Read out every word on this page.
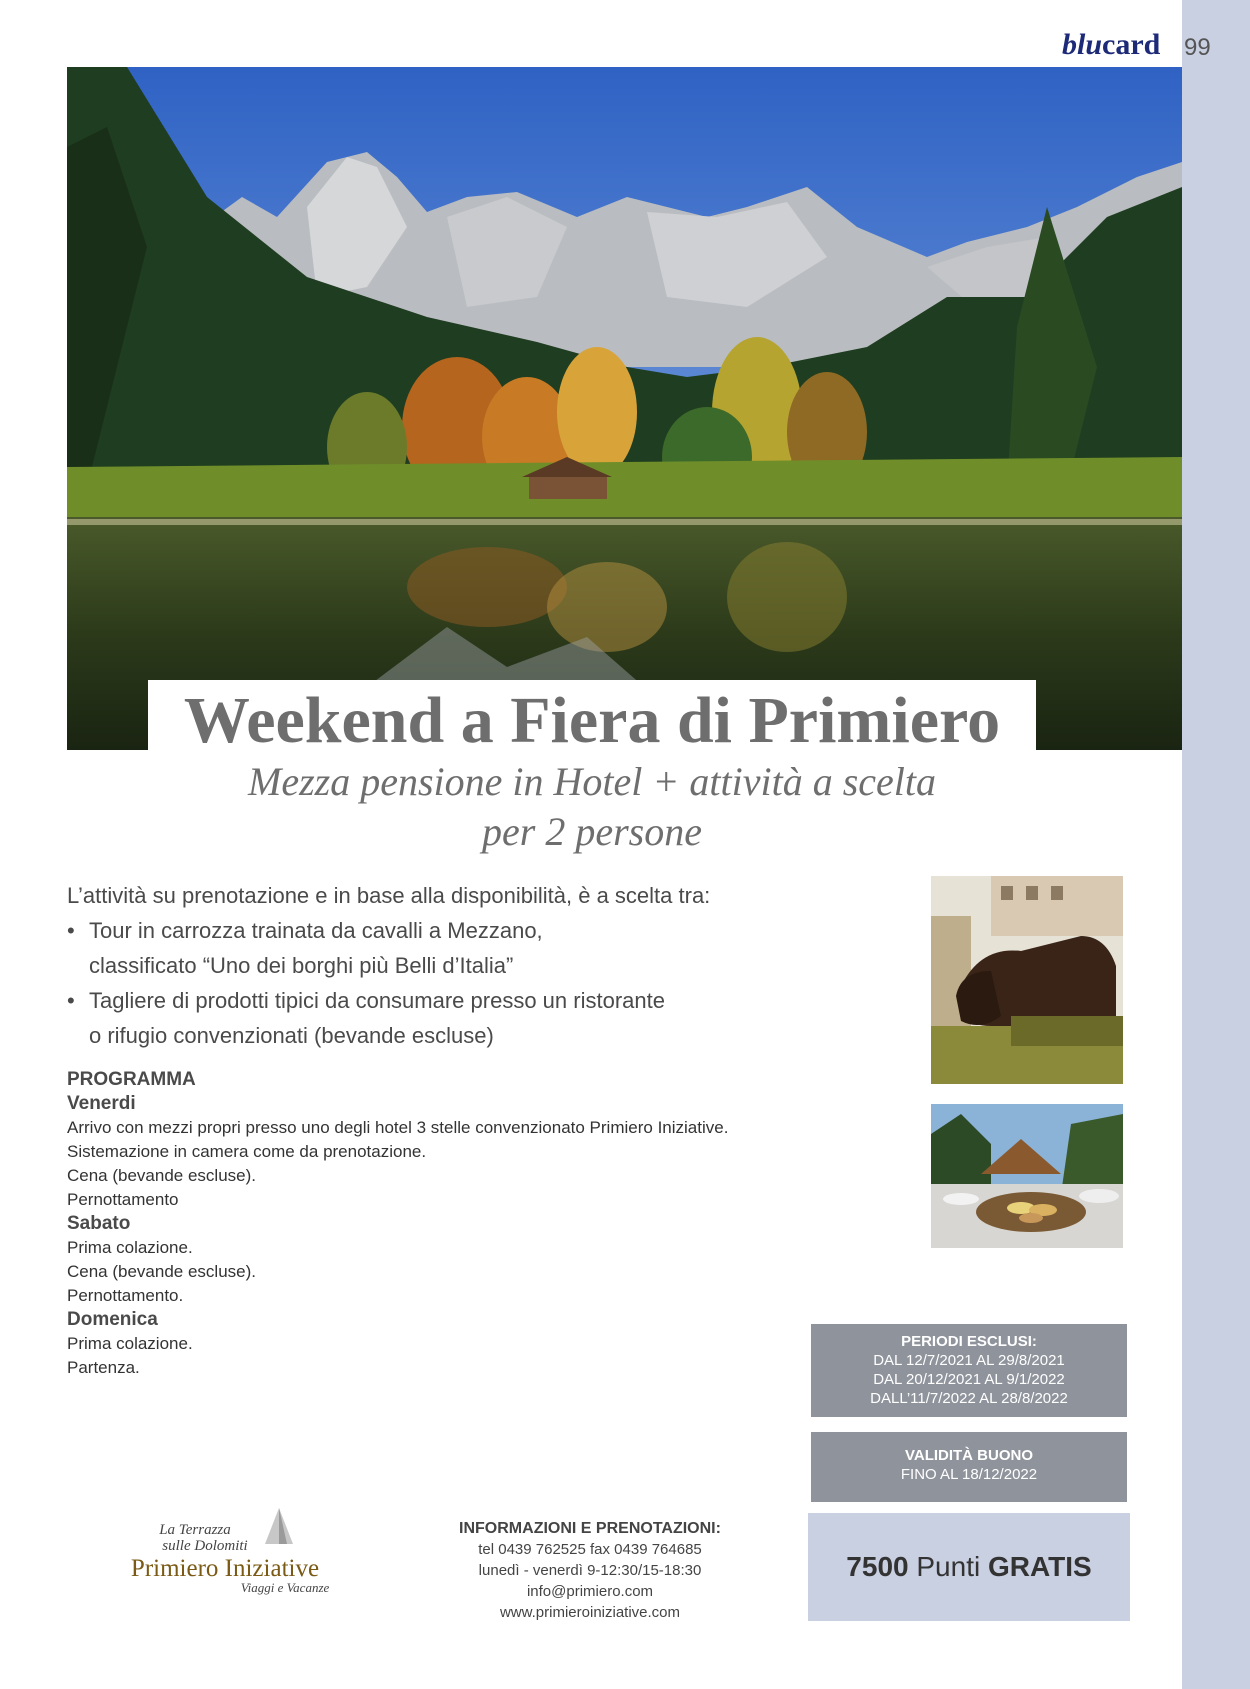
blucard 99
Weekend a Fiera di Primiero
Mezza pensione in Hotel + attività a scelta
per 2 persone
L’attività su prenotazione e in base alla disponibilità, è a scelta tra:
• Tour in carrozza trainata da cavalli a Mezzano,
classificato “Uno dei borghi più Belli d’Italia”
• Tagliere di prodotti tipici da consumare presso un ristorante
o rifugio convenzionati (bevande escluse)
PROGRAMMA
Venerdi
Arrivo con mezzi propri presso uno degli hotel 3 stelle convenzionato Primiero Iniziative.
Sistemazione in camera come da prenotazione.
Cena (bevande escluse).
Pernottamento
Sabato
Prima colazione.
Cena (bevande escluse).
Pernottamento.
Domenica
Prima colazione.
Partenza.
PERIODI ESCLUSI:
DAL 12/7/2021 AL 29/8/2021
DAL 20/12/2021 AL 9/1/2022
DALL’11/7/2022 AL 28/8/2022
VALIDITÀ BUONO
FINO AL 18/12/2022
7500 Punti GRATIS
La Terrazza
sulle Dolomiti
Primiero Iniziative
Viaggi e Vacanze
INFORMAZIONI E PRENOTAZIONI:
tel 0439 762525 fax 0439 764685
lunedì - venerdì 9-12:30/15-18:30
info@primiero.com
www.primieroiniziative.com
